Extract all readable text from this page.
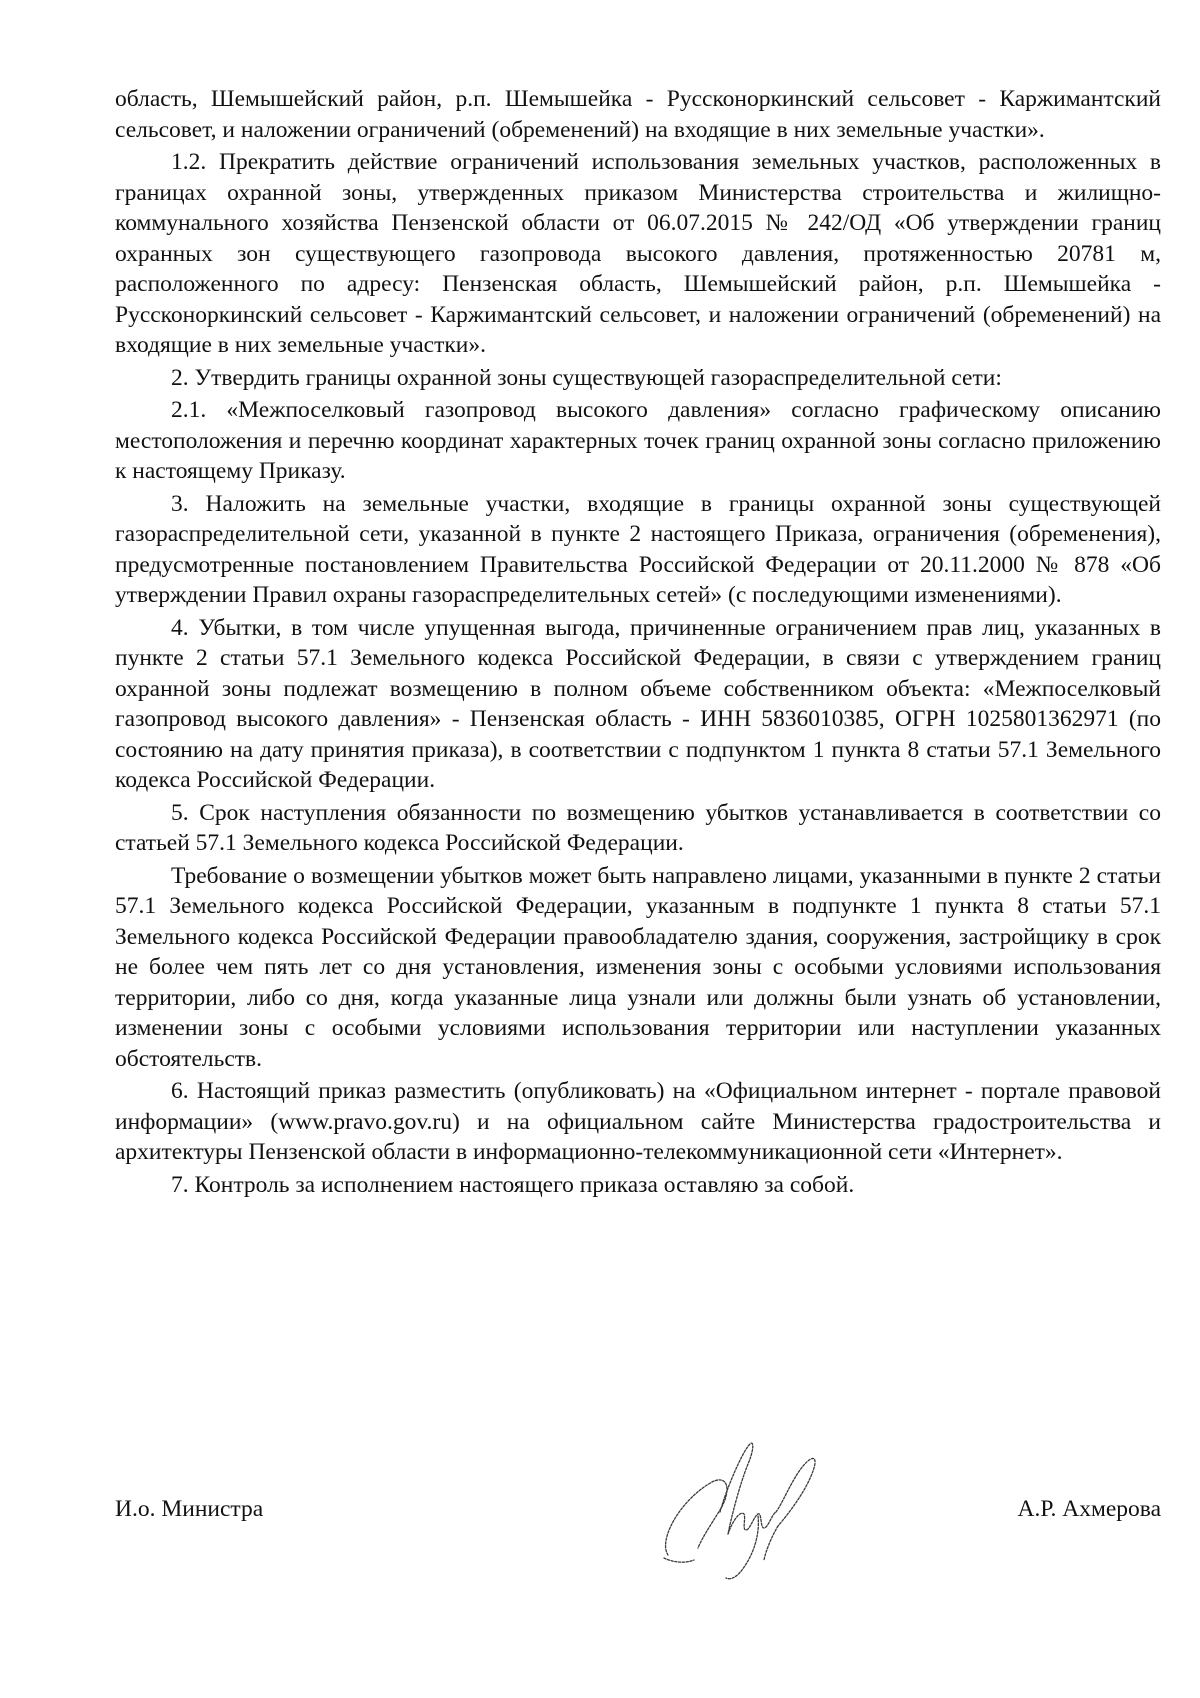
область, Шемышейский район, р.п. Шемышейка - Руссконоркинский сельсовет - Каржимантский сельсовет, и наложении ограничений (обременений) на входящие в них земельные участки».

1.2. Прекратить действие ограничений использования земельных участков, расположенных в границах охранной зоны, утвержденных приказом Министерства строительства и жилищно-коммунального хозяйства Пензенской области от 06.07.2015 № 242/ОД «Об утверждении границ охранных зон существующего газопровода высокого давления, протяженностью 20781 м, расположенного по адресу: Пензенская область, Шемышейский район, р.п. Шемышейка - Руссконоркинский сельсовет - Каржимантский сельсовет, и наложении ограничений (обременений) на входящие в них земельные участки».

2. Утвердить границы охранной зоны существующей газораспределительной сети:

2.1. «Межпоселковый газопровод высокого давления» согласно графическому описанию местоположения и перечню координат характерных точек границ охранной зоны согласно приложению к настоящему Приказу.

3. Наложить на земельные участки, входящие в границы охранной зоны существующей газораспределительной сети, указанной в пункте 2 настоящего Приказа, ограничения (обременения), предусмотренные постановлением Правительства Российской Федерации от 20.11.2000 № 878 «Об утверждении Правил охраны газораспределительных сетей» (с последующими изменениями).

4. Убытки, в том числе упущенная выгода, причиненные ограничением прав лиц, указанных в пункте 2 статьи 57.1 Земельного кодекса Российской Федерации, в связи с утверждением границ охранной зоны подлежат возмещению в полном объеме собственником объекта: «Межпоселковый газопровод высокого давления» - Пензенская область - ИНН 5836010385, ОГРН 1025801362971 (по состоянию на дату принятия приказа), в соответствии с подпунктом 1 пункта 8 статьи 57.1 Земельного кодекса Российской Федерации.

5. Срок наступления обязанности по возмещению убытков устанавливается в соответствии со статьей 57.1 Земельного кодекса Российской Федерации.

Требование о возмещении убытков может быть направлено лицами, указанными в пункте 2 статьи 57.1 Земельного кодекса Российской Федерации, указанным в подпункте 1 пункта 8 статьи 57.1 Земельного кодекса Российской Федерации правообладателю здания, сооружения, застройщику в срок не более чем пять лет со дня установления, изменения зоны с особыми условиями использования территории, либо со дня, когда указанные лица узнали или должны были узнать об установлении, изменении зоны с особыми условиями использования территории или наступлении указанных обстоятельств.

6. Настоящий приказ разместить (опубликовать) на «Официальном интернет - портале правовой информации» (www.pravo.gov.ru) и на официальном сайте Министерства градостроительства и архитектуры Пензенской области в информационно-телекоммуникационной сети «Интернет».

7. Контроль за исполнением настоящего приказа оставляю за собой.

И.о. Министра	А.Р. Ахмерова
